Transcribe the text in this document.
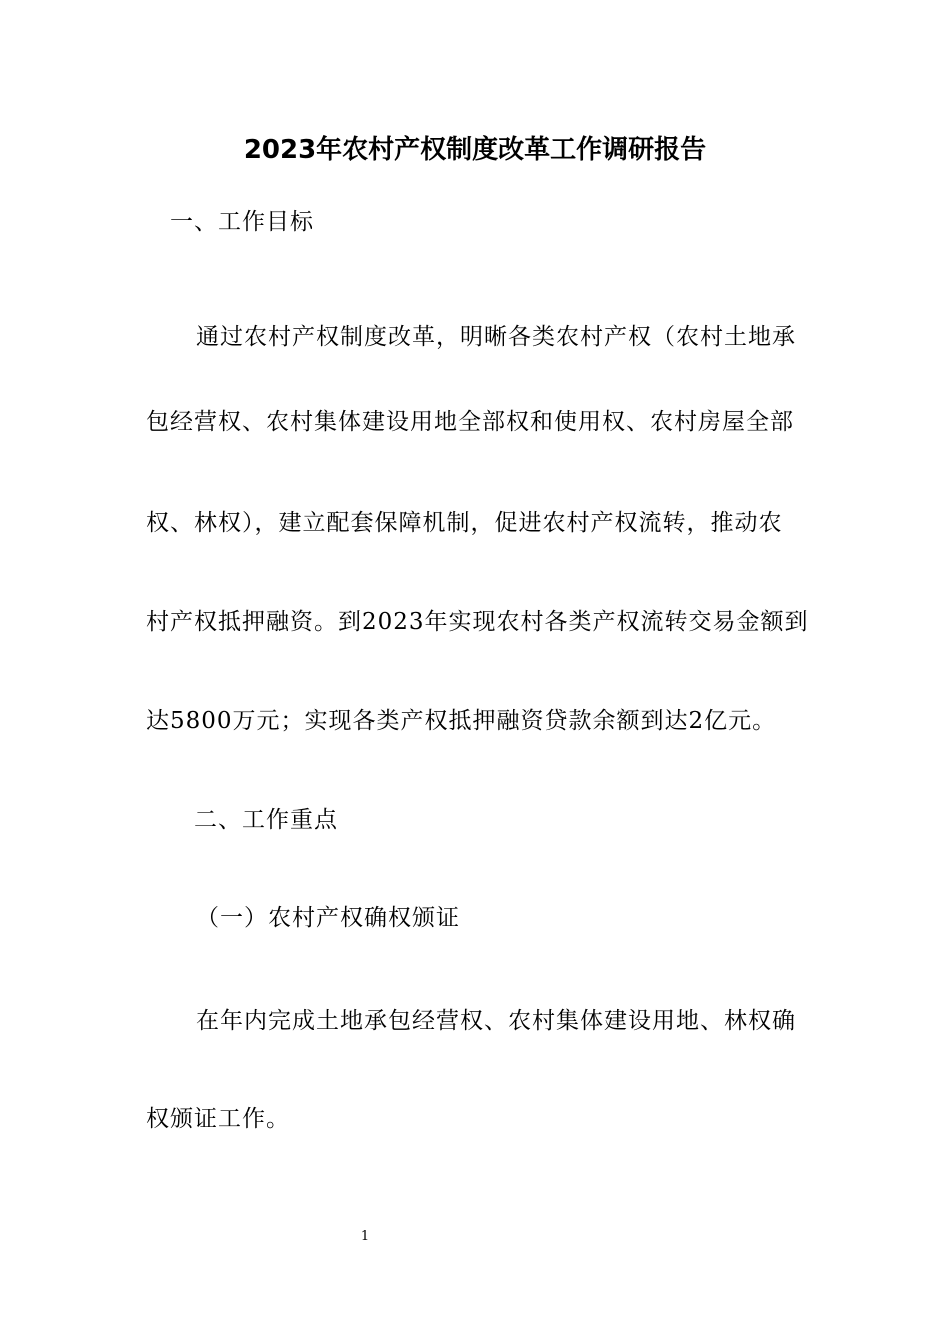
2023年农村产权制度改革工作调研报告
一、工作目标
通过农村产权制度改革，明晰各类农村产权（农村土地承
包经营权、农村集体建设用地全部权和使用权、农村房屋全部
权、林权），建立配套保障机制，促进农村产权流转，推动农
村产权抵押融资。到2023年实现农村各类产权流转交易金额到
达5800万元；实现各类产权抵押融资贷款余额到达2亿元。
二、工作重点
（一）农村产权确权颁证
在年内完成土地承包经营权、农村集体建设用地、林权确
权颁证工作。
1
